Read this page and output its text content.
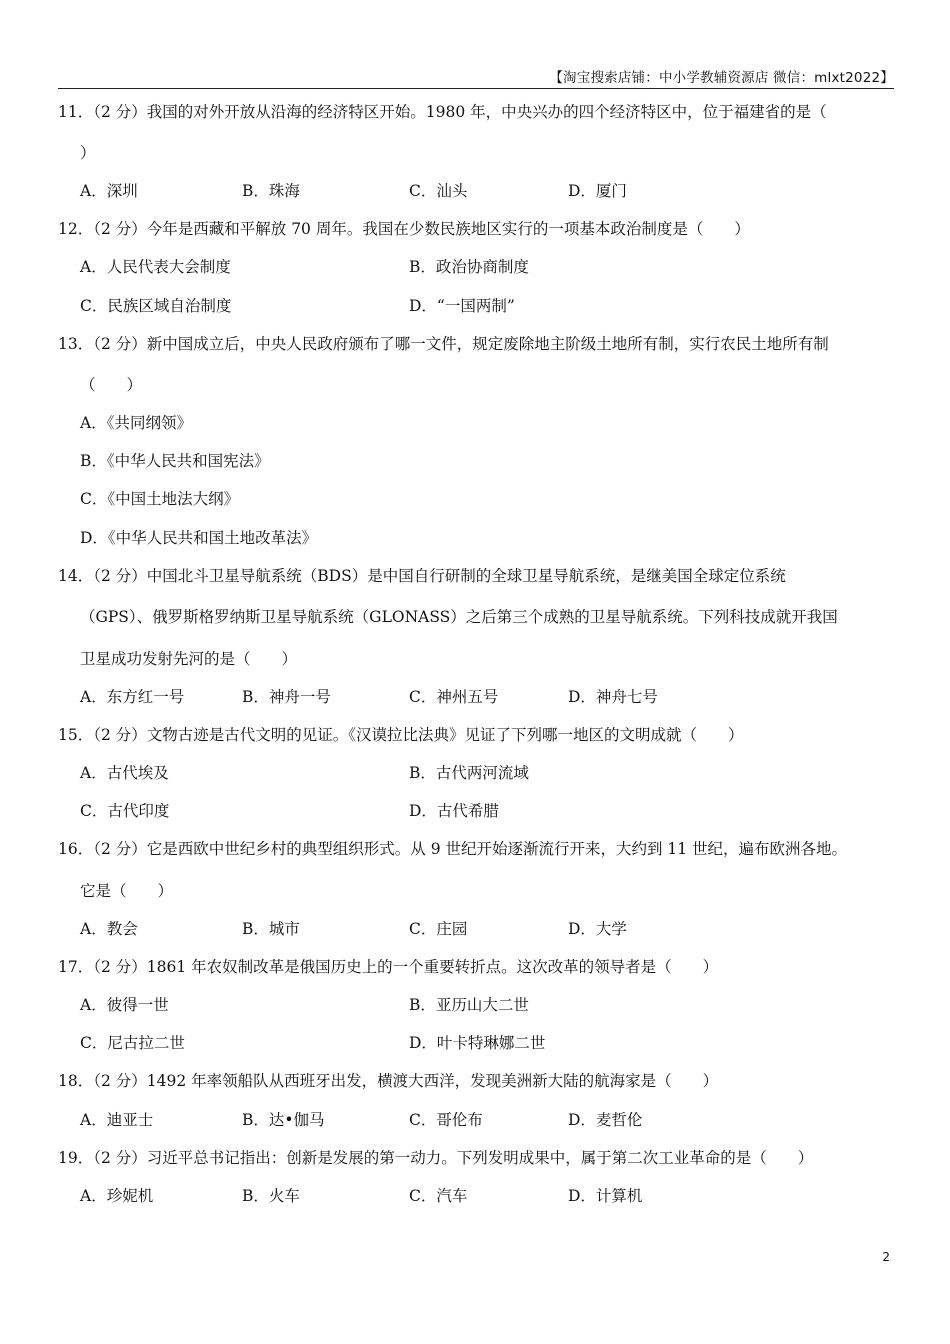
【淘宝搜索店铺：中小学教辅资源店 微信：mlxt2022】
11．（2 分）我国的对外开放从沿海的经济特区开始。1980 年，中央兴办的四个经济特区中，位于福建省的是（
）
A．深圳	B．珠海	C．汕头	D．厦门
12．（2 分）今年是西藏和平解放 70 周年。我国在少数民族地区实行的一项基本政治制度是（　　）
A．人民代表大会制度	B．政治协商制度
C．民族区域自治制度	D．“一国两制”
13．（2 分）新中国成立后，中央人民政府颁布了哪一文件，规定废除地主阶级土地所有制，实行农民土地所有制
（　　）
A．《共同纲领》
B．《中华人民共和国宪法》
C．《中国土地法大纲》
D．《中华人民共和国土地改革法》
14．（2 分）中国北斗卫星导航系统（BDS）是中国自行研制的全球卫星导航系统，是继美国全球定位系统
（GPS）、俄罗斯格罗纳斯卫星导航系统（GLONASS）之后第三个成熟的卫星导航系统。下列科技成就开我国
卫星成功发射先河的是（　　）
A．东方红一号	B．神舟一号	C．神州五号	D．神舟七号
15．（2 分）文物古迹是古代文明的见证。《汉谟拉比法典》见证了下列哪一地区的文明成就（　　）
A．古代埃及	B．古代两河流域
C．古代印度	D．古代希腊
16．（2 分）它是西欧中世纪乡村的典型组织形式。从 9 世纪开始逐渐流行开来，大约到 11 世纪，遍布欧洲各地。
它是（　　）
A．教会	B．城市	C．庄园	D．大学
17．（2 分）1861 年农奴制改革是俄国历史上的一个重要转折点。这次改革的领导者是（　　）
A．彼得一世	B．亚历山大二世
C．尼古拉二世	D．叶卡特琳娜二世
18．（2 分）1492 年率领船队从西班牙出发，横渡大西洋，发现美洲新大陆的航海家是（　　）
A．迪亚士	B．达•伽马	C．哥伦布	D．麦哲伦
19．（2 分）习近平总书记指出：创新是发展的第一动力。下列发明成果中，属于第二次工业革命的是（　　）
A．珍妮机	B．火车	C．汽车	D．计算机
2
